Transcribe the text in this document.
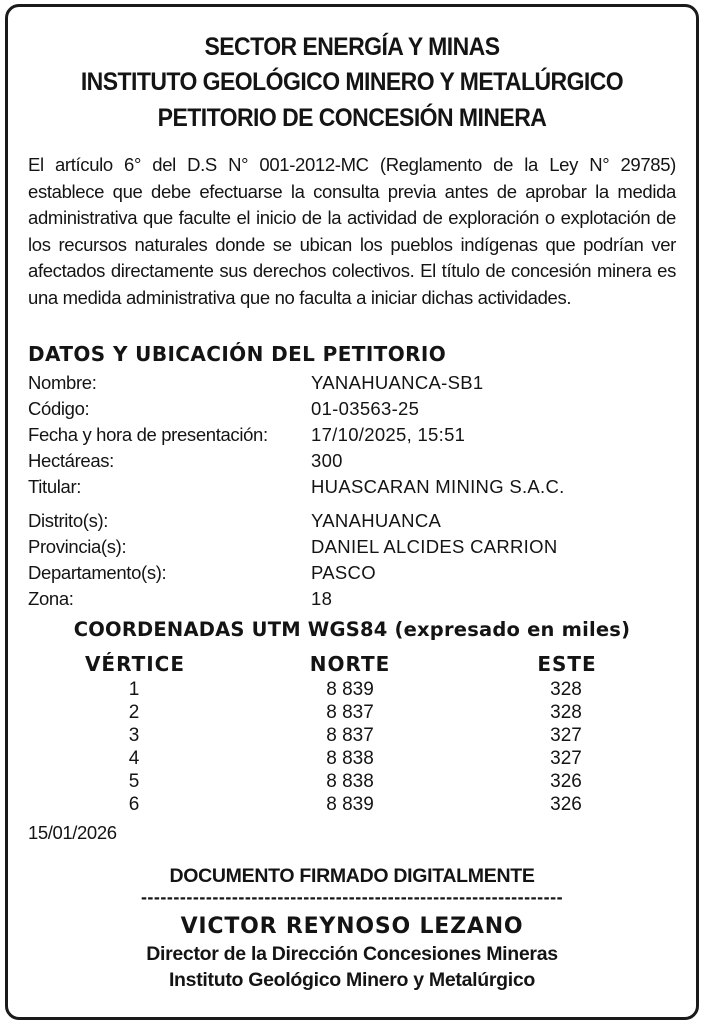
SECTOR ENERGÍA Y MINAS
INSTITUTO GEOLÓGICO MINERO Y METALÚRGICO
PETITORIO DE CONCESIÓN MINERA
El artículo 6° del D.S N° 001-2012-MC (Reglamento de la Ley N° 29785) establece que debe efectuarse la consulta previa antes de aprobar la medida administrativa que faculte el inicio de la actividad de exploración o explotación de los recursos naturales donde se ubican los pueblos indígenas que podrían ver afectados directamente sus derechos colectivos. El título de concesión minera es una medida administrativa que no faculta a iniciar dichas actividades.
DATOS Y UBICACIÓN DEL PETITORIO
Nombre:	YANAHUANCA-SB1
Código:	01-03563-25
Fecha y hora de presentación: 17/10/2025, 15:51
Hectáreas:	300
Titular:	HUASCARAN MINING S.A.C.
Distrito(s):	YANAHUANCA
Provincia(s):	DANIEL ALCIDES CARRION
Departamento(s):	PASCO
Zona:	18
COORDENADAS UTM WGS84 (expresado en miles)
VÉRTICE	NORTE	ESTE
1	8 839	328
2	8 837	328
3	8 837	327
4	8 838	327
5	8 838	326
6	8 839	326
15/01/2026
DOCUMENTO FIRMADO DIGITALMENTE
-----------------------------------------------------------------
VICTOR REYNOSO LEZANO
Director de la Dirección Concesiones Mineras
Instituto Geológico Minero y Metalúrgico
